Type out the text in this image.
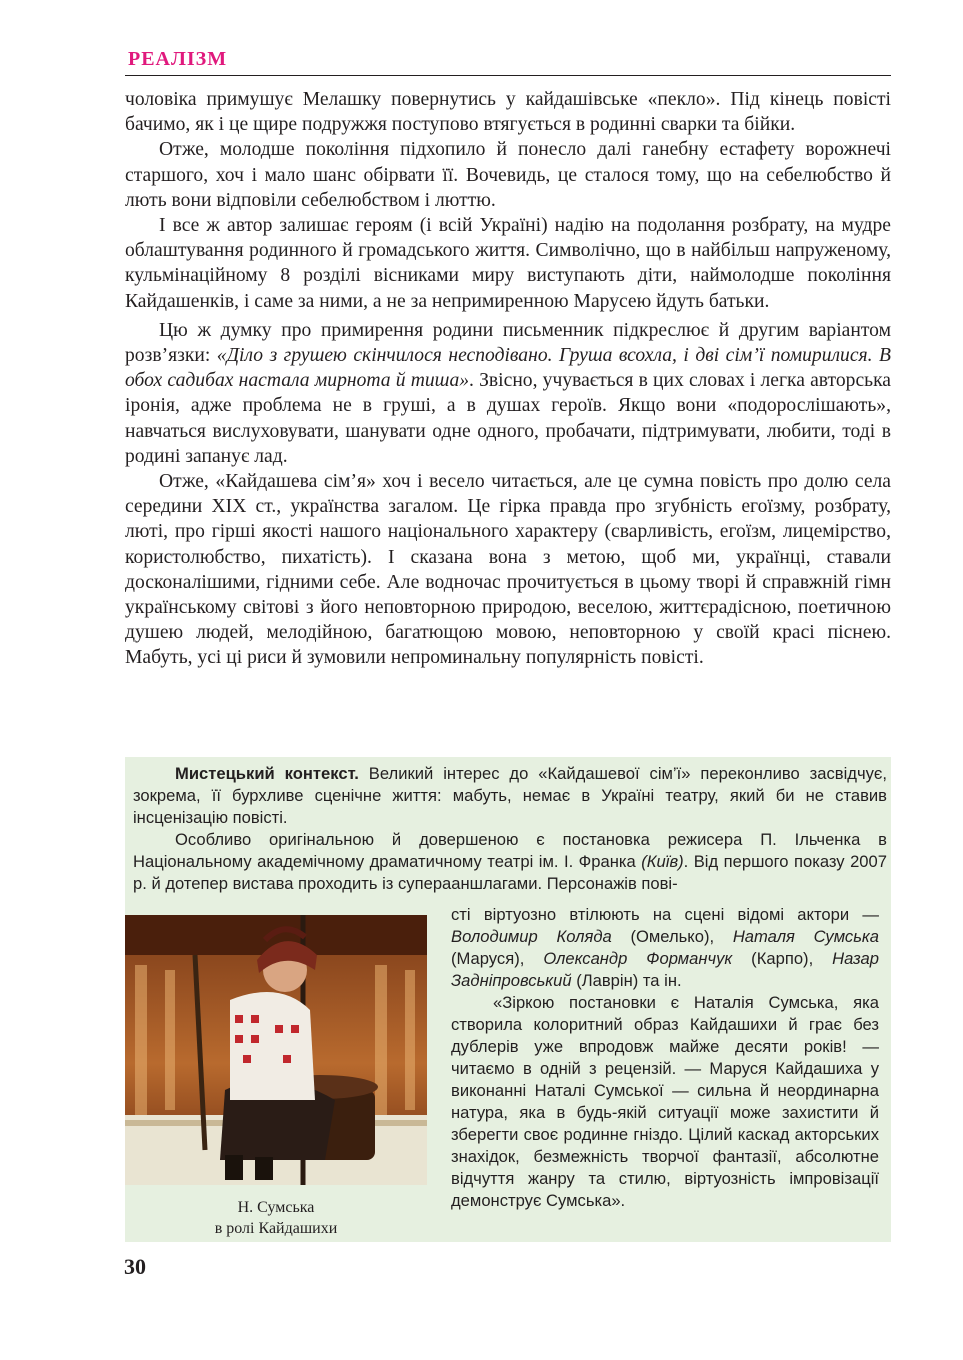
РЕАЛІЗМ

чоловіка примушує Мелашку повернутись у кайдашівське «пекло». Під кінець повісті бачимо, як і це щире подружжя поступово втягується в родинні сварки та бійки.

Отже, молодше покоління підхопило й понесло далі ганебну естафету ворожнечі старшого, хоч і мало шанс обірвати її. Вочевидь, це сталося тому, що на себелюбство й лють вони відповіли себелюбством і люттю.

І все ж автор залишає героям (і всій Україні) надію на подолання розбрату, на мудре облаштування родинного й громадського життя. Символічно, що в найбільш напруженому, кульмінаційному 8 розділі вісниками миру виступають діти, наймолодше покоління Кайдашенків, і саме за ними, а не за непримиренною Марусею йдуть батьки.

Цю ж думку про примирення родини письменник підкреслює й другим варіантом розв’язки: «Діло з грушею скінчилося несподівано. Груша всохла, і дві сім’ї помирилися. В обох садибах настала мирнота й тиша». Звісно, учувається в цих словах і легка авторська іронія, адже проблема не в груші, а в душах героїв. Якщо вони «подорослішають», навчаться вислуховувати, шанувати одне одного, пробачати, підтримувати, любити, тоді в родині запанує лад.

Отже, «Кайдашева сім’я» хоч і весело читається, але це сумна повість про долю села середини XIX ст., українства загалом. Це гірка правда про згубність егоїзму, розбрату, люті, про гірші якості нашого національного характеру (сварливість, егоїзм, лицемірство, користолюбство, пихатість). І сказана вона з метою, щоб ми, українці, ставали досконалішими, гідними себе. Але водночас прочитується в цьому творі й справжній гімн українському світові з його неповторною природою, веселою, життєрадісною, поетичною душею людей, мелодійною, багатющою мовою, неповторною у своїй красі піснею. Мабуть, усі ці риси й зумовили непроминальну популярність повісті.

Мистецький контекст. Великий інтерес до «Кайдашевої сім’ї» переконливо засвідчує, зокрема, її бурхливе сценічне життя: мабуть, немає в Україні театру, який би не ставив інсценізацію повісті.

Особливо оригінальною й довершеною є постановка режисера П. Ільченка в Національному академічному драматичному театрі ім. І. Франка (Київ). Від першого показу 2007 р. й дотепер вистава проходить із суперааншлагами. Персонажів пові-

Н. Сумська
в ролі Кайдашихи

сті віртуозно втілюють на сцені відомі актори — Володимир Коляда (Омелько), Наталя Сумська (Маруся), Олександр Форманчук (Карпо), Назар Задніпровський (Лаврін) та ін.

«Зіркою постановки є Наталія Сумська, яка створила колоритний образ Кайдашихи й грає без дублерів уже впродовж майже десяти років! — читаємо в одній з рецензій. — Маруся Кайдашиха у виконанні Наталі Сумської — сильна й неординарна натура, яка в будь-якій ситуації може захистити й зберегти своє родинне гніздо. Цілий каскад акторських знахідок, безмежність творчої фантазії, абсолютне відчуття жанру та стилю, віртуозність імпровізації демонструє Сумська».

30
